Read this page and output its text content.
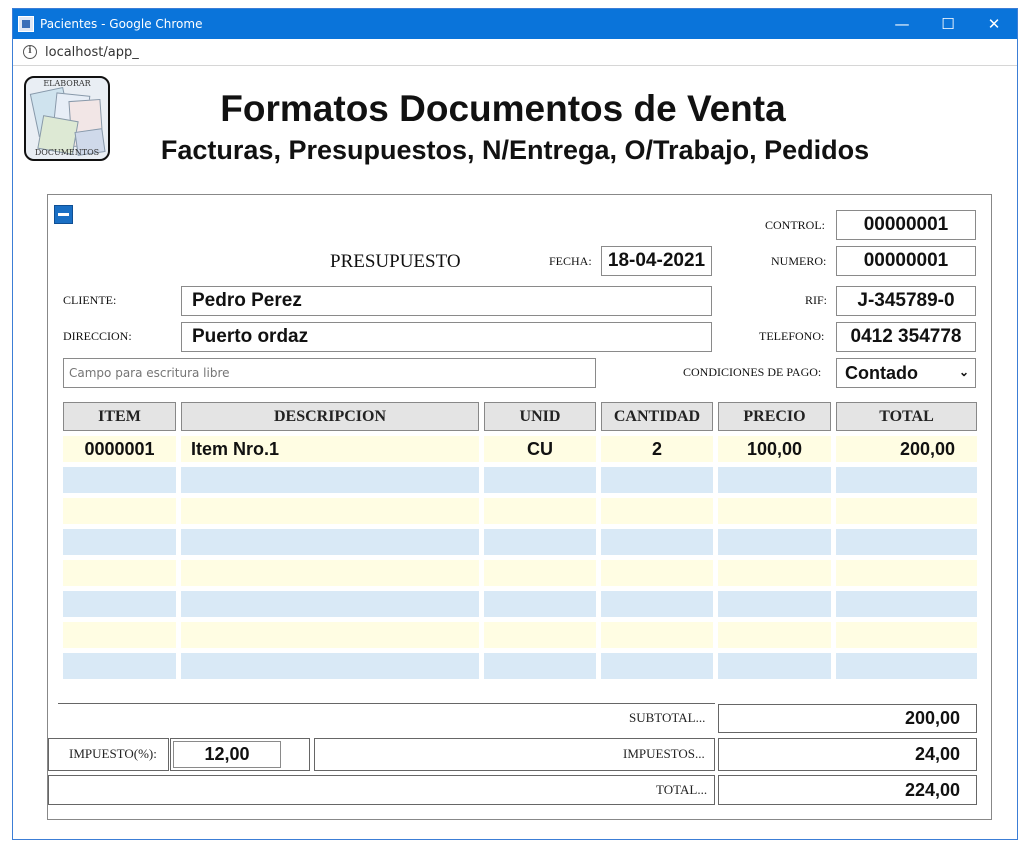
Pacientes - Google Chrome	—	☐	✕
i	localhost/app_
ELABORAR
DOCUMENTOS
Formatos Documentos de Venta
Facturas, Presupuestos, N/Entrega, O/Trabajo, Pedidos
CONTROL:	00000001
PRESUPUESTO	FECHA: 18-04-2021	NUMERO:	00000001
CLIENTE:	Pedro Perez	RIF:	J-345789-0
DIRECCION:	Puerto ordaz	TELEFONO:	0412 354778
Campo para escritura libre
CONDICIONES DE PAGO: Contado	⌄
ITEM	DESCRIPCION	UNID	CANTIDAD	PRECIO	TOTAL
0000001	Item Nro.1	CU	2	100,00	200,00
SUBTOTAL...	200,00
IMPUESTO(%):	12,00	IMPUESTOS...	24,00
TOTAL...	224,00
